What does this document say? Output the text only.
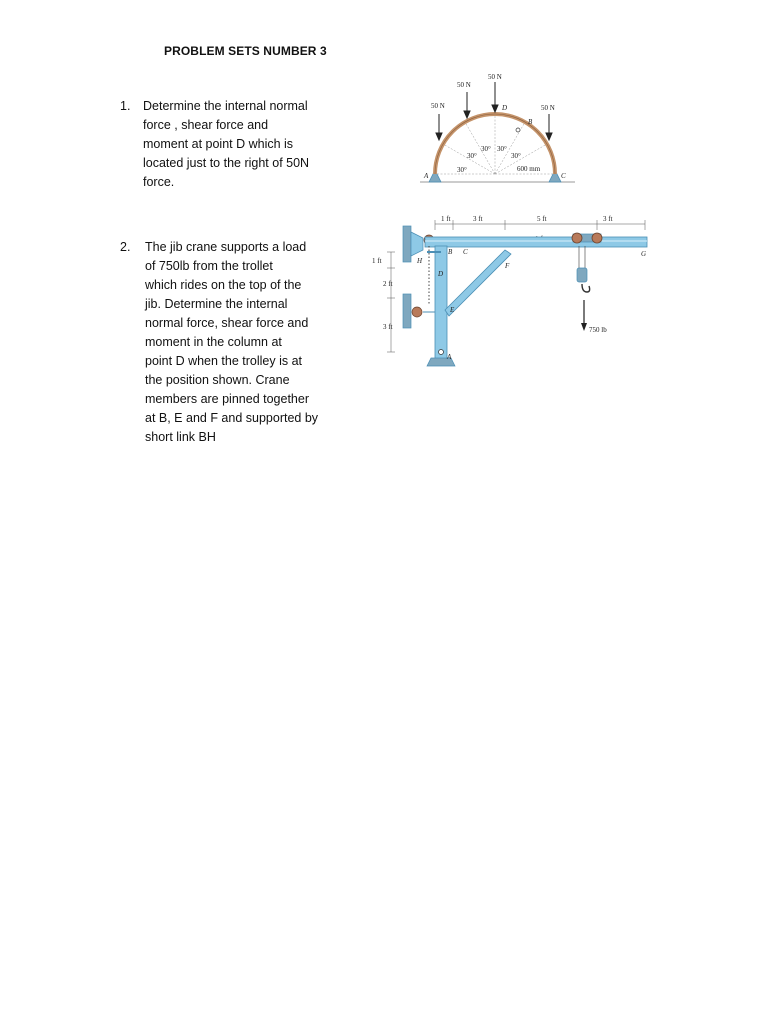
PROBLEM SETS NUMBER 3
1. Determine the internal normal
force , shear force and
moment at point D which is
located just to the right of 50N
force.
2. The jib crane supports a load
of 750lb from the trollet
which rides on the top of the
jib. Determine the internal
normal force, shear force and
moment in the column at
point D when the trolley is at
the position shown. Crane
members are pinned together
at B, E and F and supported by
short link BH
50 N
50 N
50 N
50 N
A
B
C
D
30°
30°
30° 30°
30°
600 mm
1 ft	3 ft	5 ft	3 ft
1 ft
2 ft
3 ft	750 lb
A
B C
D
E
F
G
H
